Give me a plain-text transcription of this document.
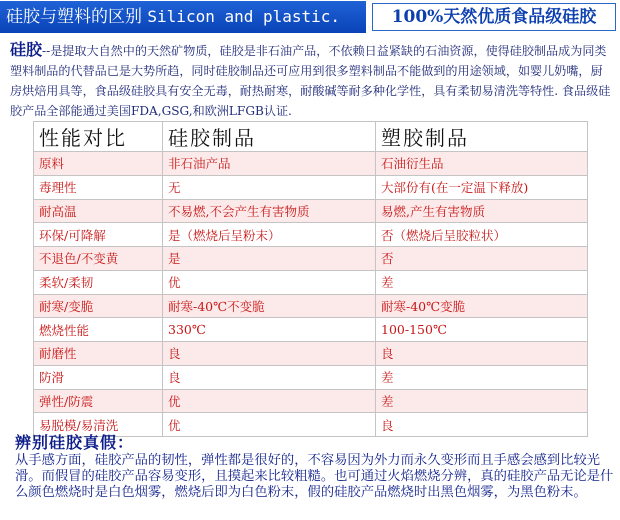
硅胶与塑料的区别 Silicon and plastic.	100%天然优质食品级硅胶
硅胶--是提取大自然中的天然矿物质，硅胶是非石油产品，不依赖日益紧缺的石油资源，使得硅胶制品成为同类塑料制品的代替品已是大势所趋，同时硅胶制品还可应用到很多塑料制品不能做到的用途领域，如婴儿奶嘴，厨房烘焙用具等，食品级硅胶具有安全无毒，耐热耐寒，耐酸碱等耐多种化学性，具有柔韧易清洗等特性. 食品级硅胶产品全部能通过美国FDA,GSG,和欧洲LFGB认证.
性能对比	硅胶制品	塑胶制品
原料	非石油产品	石油衍生品
毒理性	无	大部份有(在一定温下释放)
耐高温	不易燃,不会产生有害物质	易燃,产生有害物质
环保/可降解	是（燃烧后呈粉末）	否（燃烧后呈胶粒状）
不退色/不变黄	是	否
柔软/柔韧	优	差
耐寒/变脆	耐寒-40℃不变脆	耐寒-40℃变脆
燃烧性能	330℃	100-150℃
耐磨性	良	良
防滑	良	差
弹性/防震	优	差
易脱模/易清洗	优	良
辨别硅胶真假：
从手感方面，硅胶产品的韧性，弹性都是很好的，不容易因为外力而永久变形而且手感会感到比较光滑。而假冒的硅胶产品容易变形，且摸起来比较粗糙。也可通过火焰燃烧分辨，真的硅胶产品无论是什么颜色燃烧时是白色烟雾，燃烧后即为白色粉末，假的硅胶产品燃烧时出黑色烟雾，为黑色粉末。
